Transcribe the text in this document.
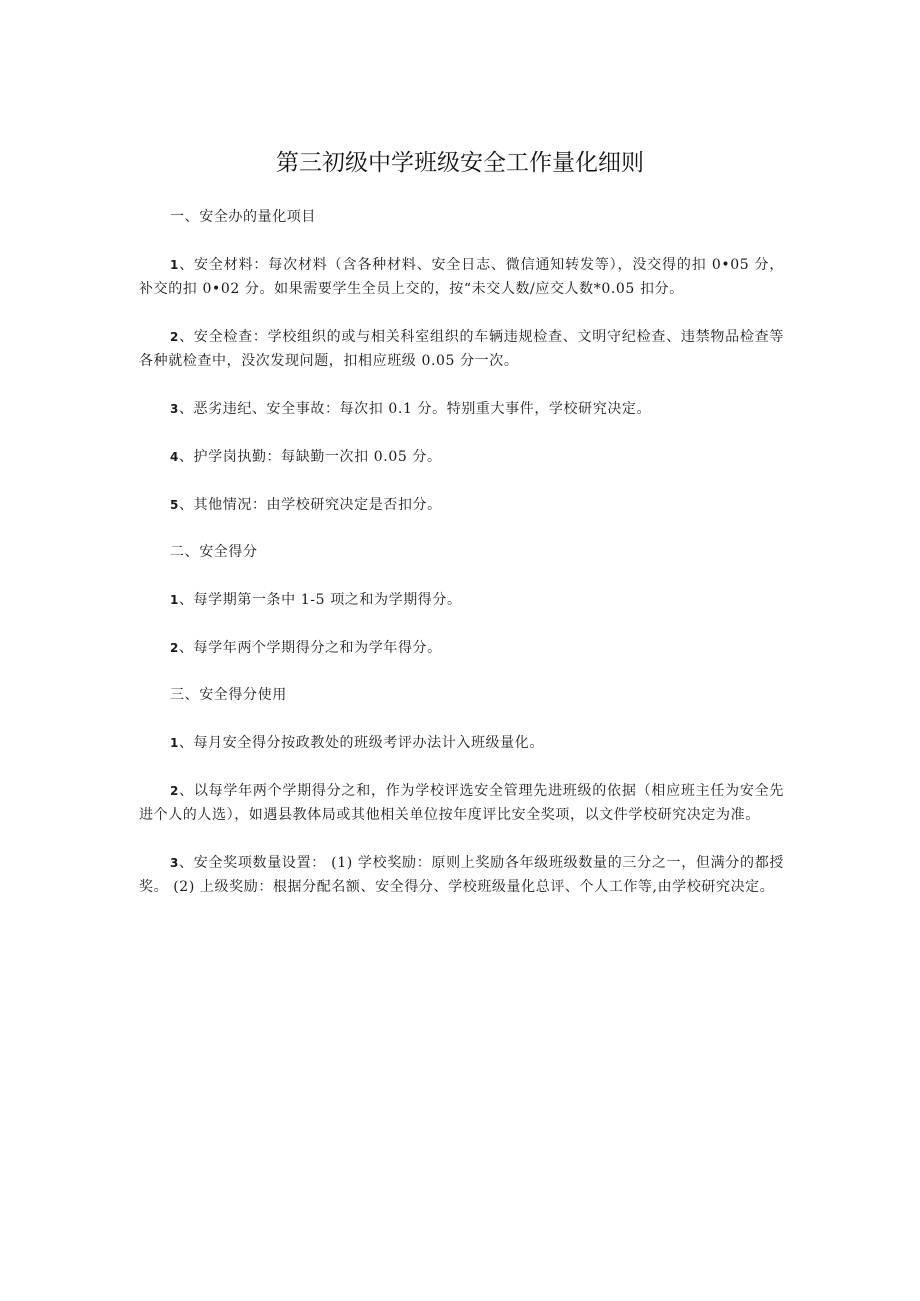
第三初级中学班级安全工作量化细则

一、安全办的量化项目

1、安全材料：每次材料（含各种材料、安全日志、微信通知转发等），没交得的扣 0•05 分，补交的扣 0•02 分。如果需要学生全员上交的，按“未交人数/应交人数*0.05 扣分。

2、安全检查：学校组织的或与相关科室组织的车辆违规检查、文明守纪检查、违禁物品检查等各种就检查中，没次发现问题，扣相应班级 0.05 分一次。

3、恶劣违纪、安全事故：每次扣 0.1 分。特别重大事件，学校研究决定。

4、护学岗执勤：每缺勤一次扣 0.05 分。

5、其他情况：由学校研究决定是否扣分。

二、安全得分

1、每学期第一条中 1-5 项之和为学期得分。

2、每学年两个学期得分之和为学年得分。

三、安全得分使用

1、每月安全得分按政教处的班级考评办法计入班级量化。

2、以每学年两个学期得分之和，作为学校评选安全管理先进班级的依据（相应班主任为安全先进个人的人选），如遇县教体局或其他相关单位按年度评比安全奖项，以文件学校研究决定为准。

3、安全奖项数量设置： (1) 学校奖励：原则上奖励各年级班级数量的三分之一，但满分的都授奖。 (2) 上级奖励：根据分配名额、安全得分、学校班级量化总评、个人工作等,由学校研究决定。
